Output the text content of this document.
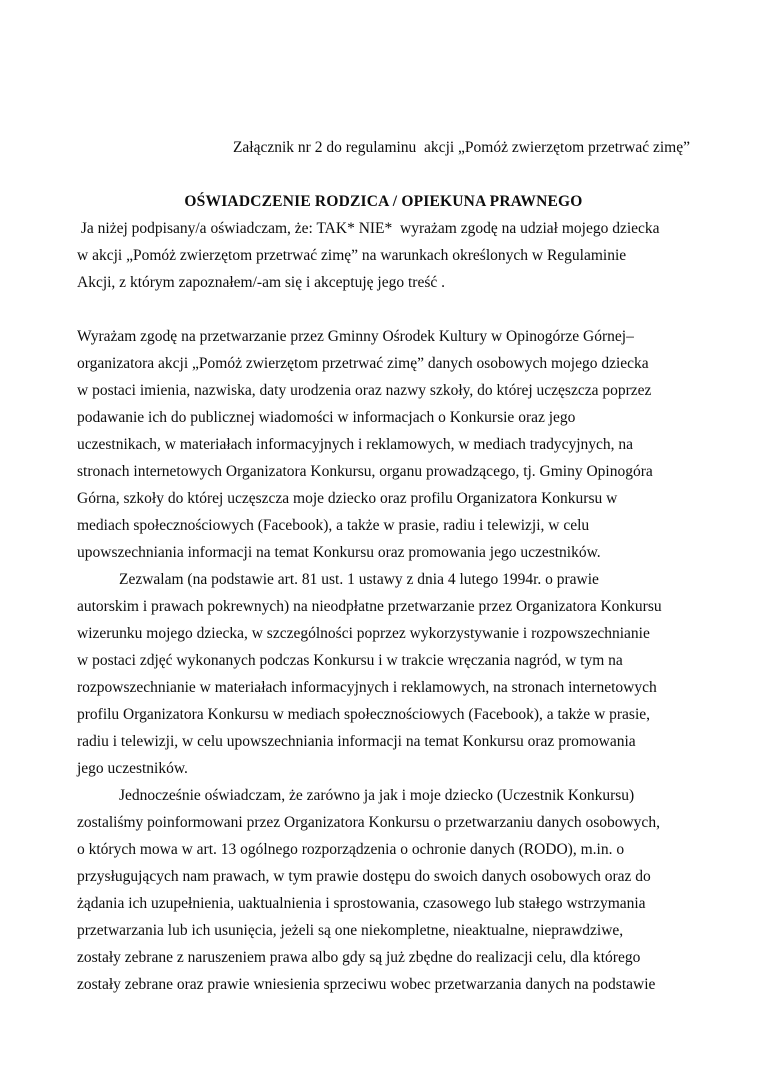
Załącznik nr 2 do regulaminu  akcji „Pomóż zwierzętom przetrwać zimę”

OŚWIADCZENIE RODZICA / OPIEKUNA PRAWNEGO
Ja niżej podpisany/a oświadczam, że: TAK* NIE*  wyrażam zgodę na udział mojego dziecka
w akcji „Pomóż zwierzętom przetrwać zimę” na warunkach określonych w Regulaminie
Akcji, z którym zapoznałem/-am się i akceptuję jego treść .

Wyrażam zgodę na przetwarzanie przez Gminny Ośrodek Kultury w Opinogórze Górnej–
organizatora akcji „Pomóż zwierzętom przetrwać zimę” danych osobowych mojego dziecka
w postaci imienia, nazwiska, daty urodzenia oraz nazwy szkoły, do której uczęszcza poprzez
podawanie ich do publicznej wiadomości w informacjach o Konkursie oraz jego
uczestnikach, w materiałach informacyjnych i reklamowych, w mediach tradycyjnych, na
stronach internetowych Organizatora Konkursu, organu prowadzącego, tj. Gminy Opinogóra
Górna, szkoły do której uczęszcza moje dziecko oraz profilu Organizatora Konkursu w
mediach społecznościowych (Facebook), a także w prasie, radiu i telewizji, w celu
upowszechniania informacji na temat Konkursu oraz promowania jego uczestników.
Zezwalam (na podstawie art. 81 ust. 1 ustawy z dnia 4 lutego 1994r. o prawie
autorskim i prawach pokrewnych) na nieodpłatne przetwarzanie przez Organizatora Konkursu
wizerunku mojego dziecka, w szczególności poprzez wykorzystywanie i rozpowszechnianie
w postaci zdjęć wykonanych podczas Konkursu i w trakcie wręczania nagród, w tym na
rozpowszechnianie w materiałach informacyjnych i reklamowych, na stronach internetowych
profilu Organizatora Konkursu w mediach społecznościowych (Facebook), a także w prasie,
radiu i telewizji, w celu upowszechniania informacji na temat Konkursu oraz promowania
jego uczestników.
Jednocześnie oświadczam, że zarówno ja jak i moje dziecko (Uczestnik Konkursu)
zostaliśmy poinformowani przez Organizatora Konkursu o przetwarzaniu danych osobowych,
o których mowa w art. 13 ogólnego rozporządzenia o ochronie danych (RODO), m.in. o
przysługujących nam prawach, w tym prawie dostępu do swoich danych osobowych oraz do
żądania ich uzupełnienia, uaktualnienia i sprostowania, czasowego lub stałego wstrzymania
przetwarzania lub ich usunięcia, jeżeli są one niekompletne, nieaktualne, nieprawdziwe,
zostały zebrane z naruszeniem prawa albo gdy są już zbędne do realizacji celu, dla którego
zostały zebrane oraz prawie wniesienia sprzeciwu wobec przetwarzania danych na podstawie
